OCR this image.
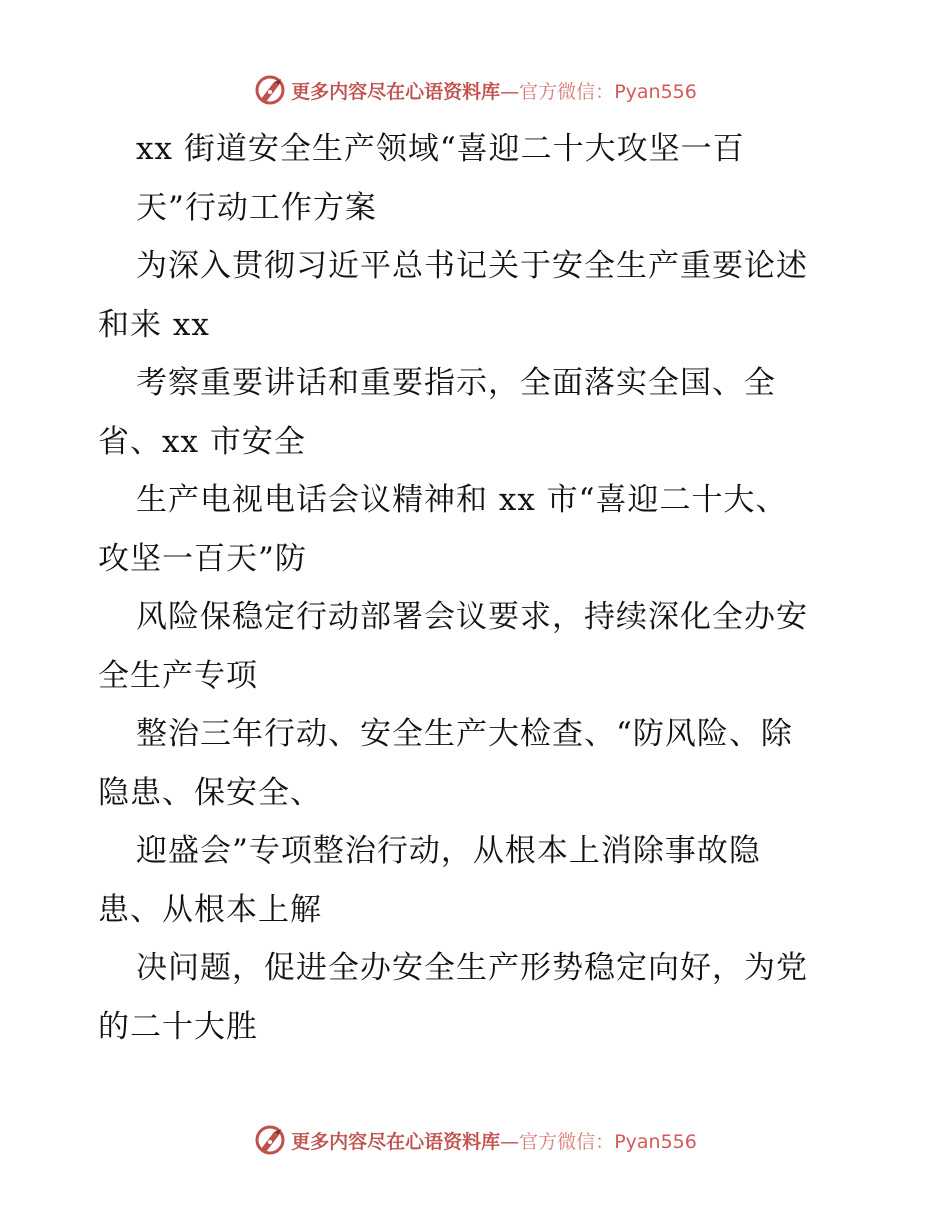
更多内容尽在心语资料库—官方微信：Pyan556
xx 街道安全生产领域“喜迎二十大攻坚一百
天”行动工作方案
为深入贯彻习近平总书记关于安全生产重要论述
和来 xx
考察重要讲话和重要指示，全面落实全国、全
省、xx 市安全
生产电视电话会议精神和 xx 市“喜迎二十大、
攻坚一百天”防
风险保稳定行动部署会议要求，持续深化全办安
全生产专项
整治三年行动、安全生产大检查、“防风险、除
隐患、保安全、
迎盛会”专项整治行动，从根本上消除事故隐
患、从根本上解
决问题，促进全办安全生产形势稳定向好，为党
的二十大胜
更多内容尽在心语资料库—官方微信：Pyan556
